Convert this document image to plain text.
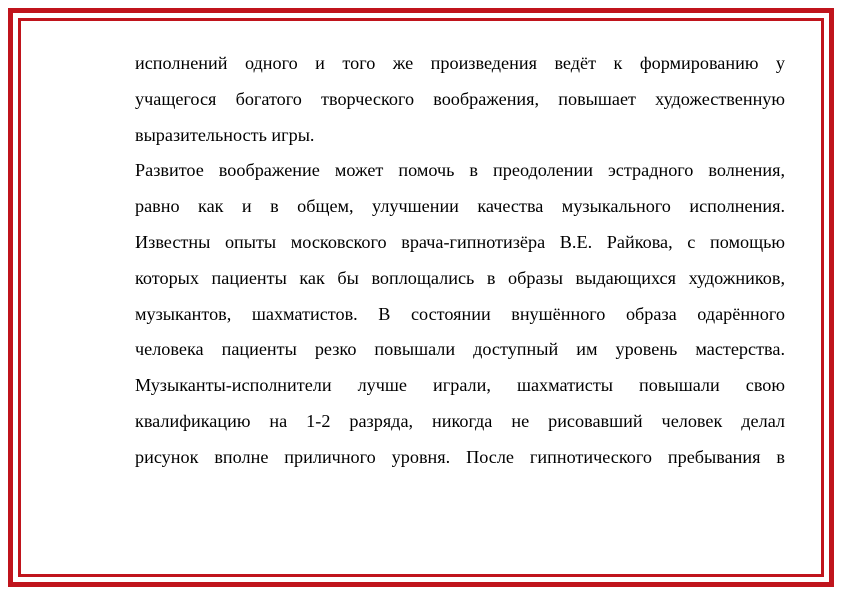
исполнений одного и того же произведения ведёт к формированию у
учащегося богатого творческого воображения, повышает художественную
выразительность игры.
Развитое воображение может помочь в преодолении эстрадного волнения,
равно как и в общем, улучшении качества музыкального исполнения.
Известны опыты московского врача-гипнотизёра В.Е. Райкова, с помощью
которых пациенты как бы воплощались в образы выдающихся художников,
музыкантов, шахматистов. В состоянии внушённого образа одарённого
человека пациенты резко повышали доступный им уровень мастерства.
Музыканты-исполнители лучше играли, шахматисты повышали свою
квалификацию на 1-2 разряда, никогда не рисовавший человек делал
рисунок вполне приличного уровня. После гипнотического пребывания в
